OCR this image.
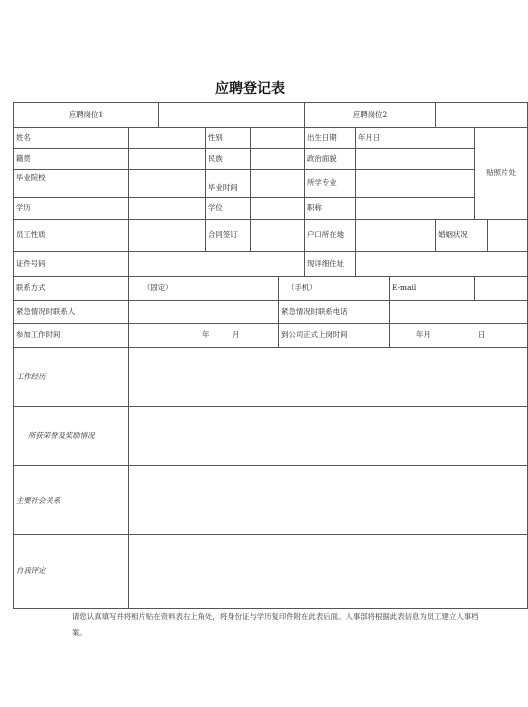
应聘登记表
应聘岗位1						应聘岗位2					
姓名			性别			出生日期	年月日			贴照片处	
籍贯			民族			政治面貌					
毕业院校			毕业时间			所学专业					
学历			学位			职称					
员工性质			合同签订			户口所在地			婚姻状况		
证件号码						现详细住址					
联系方式	（固定）				（手机）			E-mail			
紧急情况时联系人					紧急情况时联系电话						
参加工作时间	年 月				到公司正式上岗时间			年月 日			

工作经历											
所获荣誉及奖励情况											
主要社会关系											
自我评定											
请您认真填写并将相片贴在资料表右上角处，将身份证与学历复印件附在此表后面。人事部将根据此表信息为员工建立人事档案。
